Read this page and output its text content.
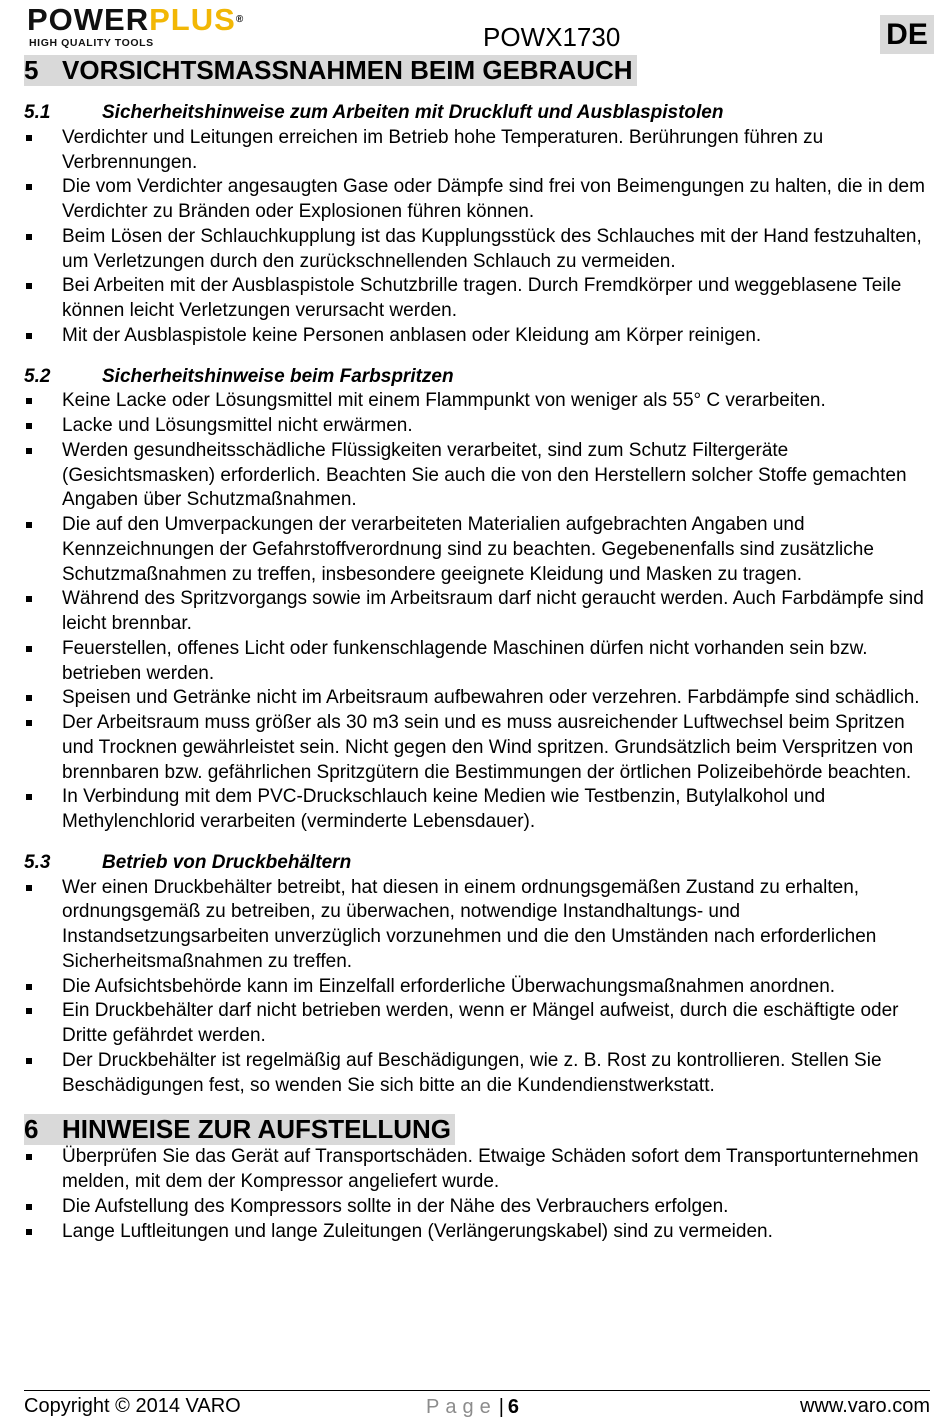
POWERPLUS®
HIGH QUALITY TOOLS	POWX1730	DE
5 VORSICHTSMASSNAHMEN BEIM GEBRAUCH
5.1	Sicherheitshinweise zum Arbeiten mit Druckluft und Ausblaspistolen
Verdichter und Leitungen erreichen im Betrieb hohe Temperaturen. Berührungen führen zu Verbrennungen.
Die vom Verdichter angesaugten Gase oder Dämpfe sind frei von Beimengungen zu halten, die in dem Verdichter zu Bränden oder Explosionen führen können.
Beim Lösen der Schlauchkupplung ist das Kupplungsstück des Schlauches mit der Hand festzuhalten, um Verletzungen durch den zurückschnellenden Schlauch zu vermeiden.
Bei Arbeiten mit der Ausblaspistole Schutzbrille tragen. Durch Fremdkörper und weggeblasene Teile können leicht Verletzungen verursacht werden.
Mit der Ausblaspistole keine Personen anblasen oder Kleidung am Körper reinigen.
5.2	Sicherheitshinweise beim Farbspritzen
Keine Lacke oder Lösungsmittel mit einem Flammpunkt von weniger als 55° C verarbeiten.
Lacke und Lösungsmittel nicht erwärmen.
Werden gesundheitsschädliche Flüssigkeiten verarbeitet, sind zum Schutz Filtergeräte (Gesichtsmasken) erforderlich. Beachten Sie auch die von den Herstellern solcher Stoffe gemachten Angaben über Schutzmaßnahmen.
Die auf den Umverpackungen der verarbeiteten Materialien aufgebrachten Angaben und Kennzeichnungen der Gefahrstoffverordnung sind zu beachten. Gegebenenfalls sind zusätzliche Schutzmaßnahmen zu treffen, insbesondere geeignete Kleidung und Masken zu tragen.
Während des Spritzvorgangs sowie im Arbeitsraum darf nicht geraucht werden. Auch Farbdämpfe sind leicht brennbar.
Feuerstellen, offenes Licht oder funkenschlagende Maschinen dürfen nicht vorhanden sein bzw. betrieben werden.
Speisen und Getränke nicht im Arbeitsraum aufbewahren oder verzehren. Farbdämpfe sind schädlich.
Der Arbeitsraum muss größer als 30 m3 sein und es muss ausreichender Luftwechsel beim Spritzen und Trocknen gewährleistet sein. Nicht gegen den Wind spritzen. Grundsätzlich beim Verspritzen von brennbaren bzw. gefährlichen Spritzgütern die Bestimmungen der örtlichen Polizeibehörde beachten.
In Verbindung mit dem PVC-Druckschlauch keine Medien wie Testbenzin, Butylalkohol und Methylenchlorid verarbeiten (verminderte Lebensdauer).
5.3	Betrieb von Druckbehältern
Wer einen Druckbehälter betreibt, hat diesen in einem ordnungsgemäßen Zustand zu erhalten, ordnungsgemäß zu betreiben, zu überwachen, notwendige Instandhaltungs- und Instandsetzungsarbeiten unverzüglich vorzunehmen und die den Umständen nach erforderlichen Sicherheitsmaßnahmen zu treffen.
Die Aufsichtsbehörde kann im Einzelfall erforderliche Überwachungsmaßnahmen anordnen.
Ein Druckbehälter darf nicht betrieben werden, wenn er Mängel aufweist, durch die eschäftigte oder Dritte gefährdet werden.
Der Druckbehälter ist regelmäßig auf Beschädigungen, wie z. B. Rost zu kontrollieren. Stellen Sie Beschädigungen fest, so wenden Sie sich bitte an die Kundendienstwerkstatt.
6 HINWEISE ZUR AUFSTELLUNG
Überprüfen Sie das Gerät auf Transportschäden. Etwaige Schäden sofort dem Transportunternehmen melden, mit dem der Kompressor angeliefert wurde.
Die Aufstellung des Kompressors sollte in der Nähe des Verbrauchers erfolgen.
Lange Luftleitungen und lange Zuleitungen (Verlängerungskabel) sind zu vermeiden.
Copyright © 2014 VARO	Page | 6	www.varo.com
